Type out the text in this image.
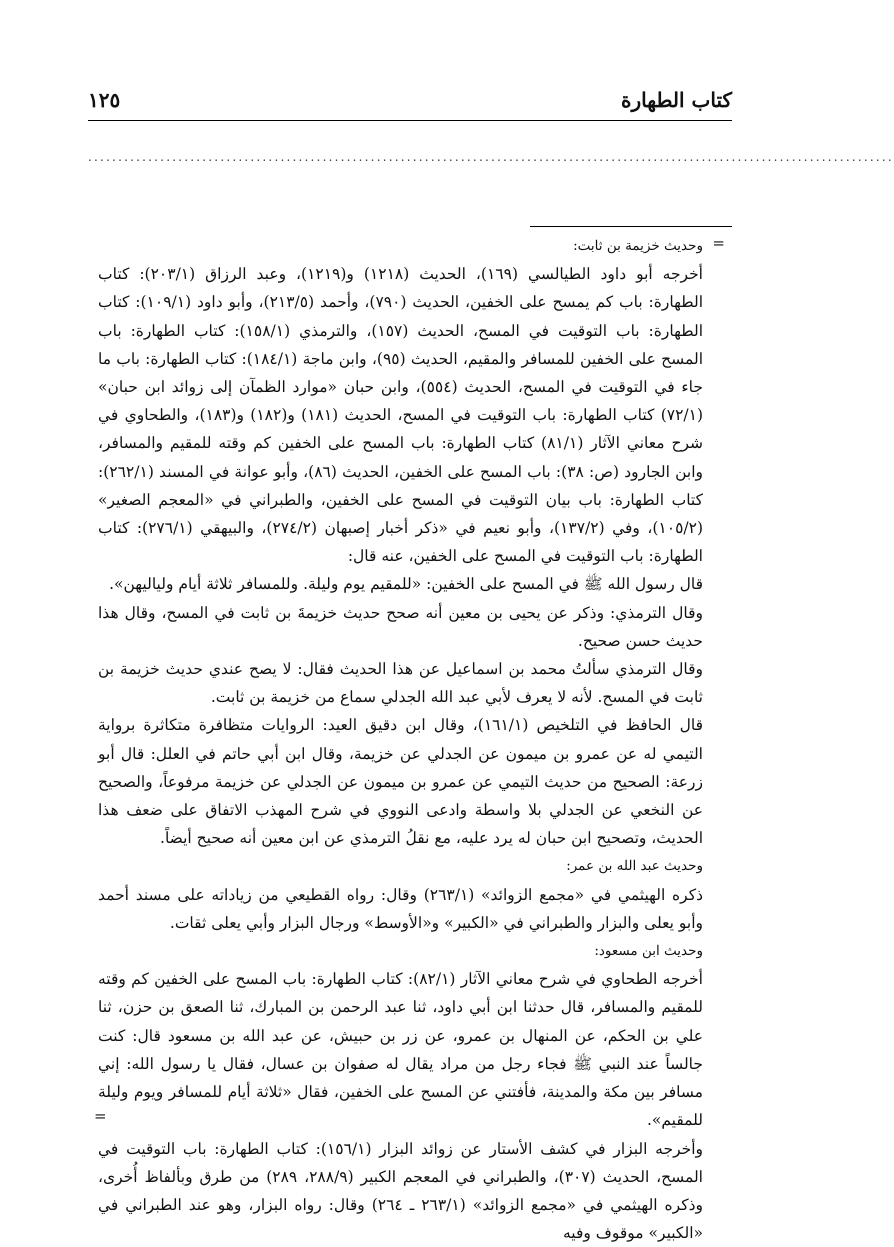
كتاب الطهارة
١٢٥
......................................................................................................................................
=

وحديث خزيمة بن ثابت:

أخرجه أبو داود الطيالسي (١٦٩)، الحديث (١٢١٨) و(١٢١٩)، وعبد الرزاق (٢٠٣/١): كتاب الطهارة: باب كم يمسح على الخفين، الحديث (٧٩٠)، وأحمد (٢١٣/٥)، وأبو داود (١٠٩/١): كتاب الطهارة: باب التوقيت في المسح، الحديث (١٥٧)، والترمذي (١٥٨/١): كتاب الطهارة: باب المسح على الخفين للمسافر والمقيم، الحديث (٩٥)، وابن ماجة (١٨٤/١): كتاب الطهارة: باب ما جاء في التوقيت في المسح، الحديث (٥٥٤)، وابن حبان «موارد الظمآن إلى زوائد ابن حبان» (٧٢/١) كتاب الطهارة: باب التوقيت في المسح، الحديث (١٨١) و(١٨٢) و(١٨٣)، والطحاوي في شرح معاني الآثار (٨١/١) كتاب الطهارة: باب المسح على الخفين كم وقته للمقيم والمسافر، وابن الجارود (ص: ٣٨): باب المسح على الخفين، الحديث (٨٦)، وأبو عوانة في المسند (٢٦٢/١): كتاب الطهارة: باب بيان التوقيت في المسح على الخفين، والطبراني في «المعجم الصغير» (١٠٥/٢)، وفي (١٣٧/٢)، وأبو نعيم في «ذكر أخبار إصبهان (٢٧٤/٢)، والبيهقي (٢٧٦/١): كتاب الطهارة: باب التوقيت في المسح على الخفين، عنه قال:

قال رسول الله ﷺ في المسح على الخفين: «للمقيم يوم وليلة. وللمسافر ثلاثة أيام ولياليهن».

وقال الترمذي: وذكر عن يحيى بن معين أنه صحح حديث خزيمةَ بن ثابت في المسح، وقال هذا حديث حسن صحيح.

وقال الترمذي سألتُ محمد بن اسماعيل عن هذا الحديث فقال: لا يصح عندي حديث خزيمة بن ثابت في المسح. لأنه لا يعرف لأبي عبد الله الجدلي سماع من خزيمة بن ثابت.

قال الحافظ في التلخيص (١٦١/١)، وقال ابن دقيق العيد: الروايات متظافرة متكاثرة برواية التيمي له عن عمرو بن ميمون عن الجدلي عن خزيمة، وقال ابن أبي حاتم في العلل: قال أبو زرعة: الصحيح من حديث التيمي عن عمرو بن ميمون عن الجدلي عن خزيمة مرفوعاً، والصحيح عن النخعي عن الجدلي بلا واسطة وادعى النووي في شرح المهذب الاتفاق على ضعف هذا الحديث، وتصحيح ابن حبان له يرد عليه، مع نقلُ الترمذي عن ابن معين أنه صحيح أيضاً.

وحديث عبد الله بن عمر:

ذكره الهيثمي في «مجمع الزوائد» (٢٦٣/١) وقال: رواه القطيعي من زياداته على مسند أحمد وأبو يعلى والبزار والطبراني في «الكبير» و«الأوسط» ورجال البزار وأبي يعلى ثقات.

وحديث ابن مسعود:

أخرجه الطحاوي في شرح معاني الآثار (٨٢/١): كتاب الطهارة: باب المسح على الخفين كم وقته للمقيم والمسافر، قال حدثنا ابن أبي داود، ثنا عبد الرحمن بن المبارك، ثنا الصعق بن حزن، ثنا علي بن الحكم، عن المنهال بن عمرو، عن زر بن حبيش، عن عبد الله بن مسعود قال: كنت جالساً عند النبي ﷺ فجاء رجل من مراد يقال له صفوان بن عسال، فقال يا رسول الله: إني مسافر بين مكة والمدينة، فأفتني عن المسح على الخفين، فقال «ثلاثة أيام للمسافر ويوم وليلة للمقيم».

وأخرجه البزار في كشف الأستار عن زوائد البزار (١٥٦/١): كتاب الطهارة: باب التوقيت في المسح، الحديث (٣٠٧)، والطبراني في المعجم الكبير (٢٨٨/٩، ٢٨٩) من طرق وبألفاظ أُخرى، وذكره الهيثمي في «مجمع الزوائد» (٢٦٣/١ ـ ٢٦٤) وقال: رواه البزار، وهو عند الطبراني في «الكبير» موقوف وفيه

=
